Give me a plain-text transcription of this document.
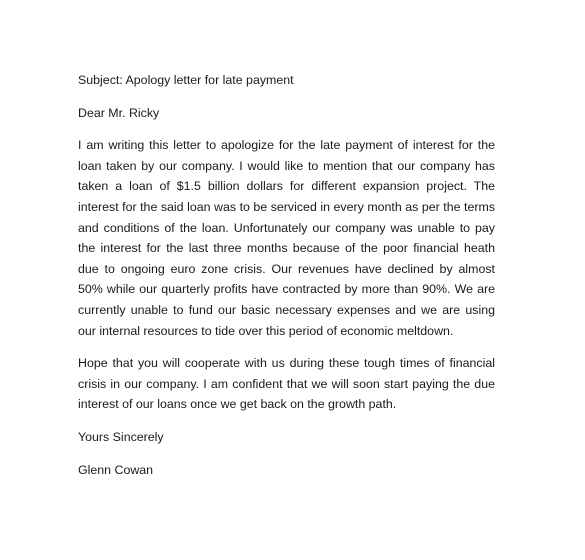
Subject: Apology letter for late payment
Dear Mr. Ricky
I am writing this letter to apologize for the late payment of interest for the loan taken by our company. I would like to mention that our company has taken a loan of $1.5 billion dollars for different expansion project. The interest for the said loan was to be serviced in every month as per the terms and conditions of the loan. Unfortunately our company was unable to pay the interest for the last three months because of the poor financial heath due to ongoing euro zone crisis. Our revenues have declined by almost 50% while our quarterly profits have contracted by more than 90%. We are currently unable to fund our basic necessary expenses and we are using our internal resources to tide over this period of economic meltdown.
Hope that you will cooperate with us during these tough times of financial crisis in our company. I am confident that we will soon start paying the due interest of our loans once we get back on the growth path.
Yours Sincerely
Glenn Cowan
